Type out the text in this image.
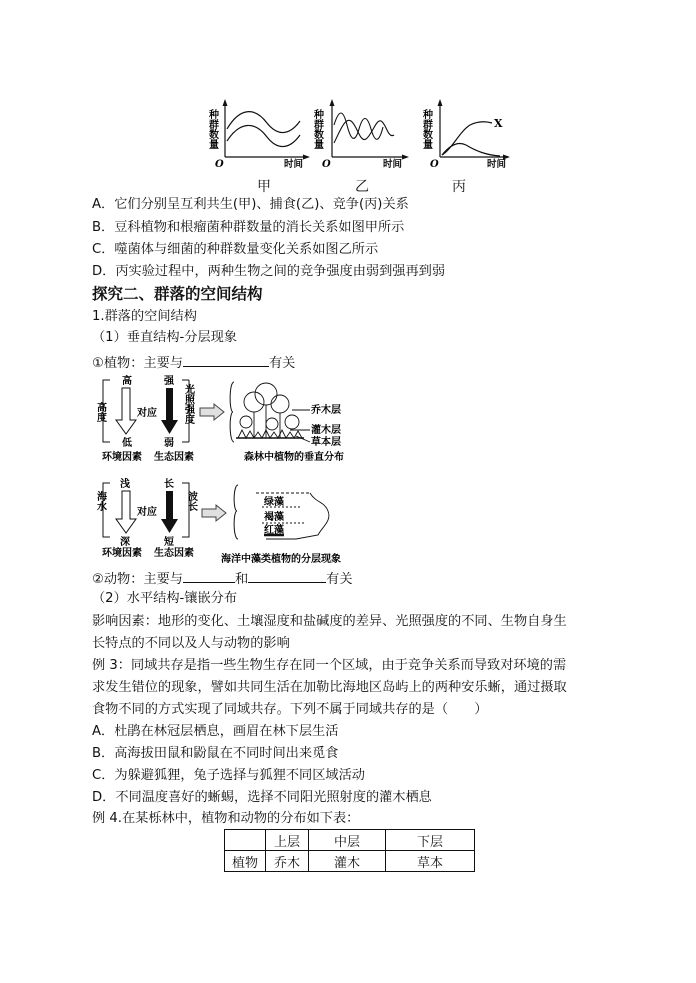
种群数量
O	时间
种群数量
O	时间
种群数量
O	时间
X
甲	乙	丙
A．它们分别呈互利共生(甲)、捕食(乙)、竞争(丙)关系
B．豆科植物和根瘤菌种群数量的消长关系如图甲所示
C．噬菌体与细菌的种群数量变化关系如图乙所示
D．丙实验过程中，两种生物之间的竞争强度由弱到强再到弱
探究二、群落的空间结构
1.群落的空间结构
（1）垂直结构-分层现象
①植物：主要与	有关
高度
高
低
对应
强
弱
光照强度	乔木层
灌木层
草本层
环境因素 生态因素	森林中植物的垂直分布
海水
浅
深
对应
长
短
波长	绿藻
褐藻
红藻
环境因素 生态因素
海洋中藻类植物的分层现象
②动物：主要与	和	有关
（2）水平结构-镶嵌分布
影响因素：地形的变化、土壤湿度和盐碱度的差异、光照强度的不同、生物自身生
长特点的不同以及人与动物的影响
例 3：同域共存是指一些生物生存在同一个区域，由于竞争关系而导致对环境的需
求发生错位的现象，譬如共同生活在加勒比海地区岛屿上的两种安乐蜥，通过摄取
食物不同的方式实现了同域共存。下列不属于同域共存的是（　　）
A．杜鹃在林冠层栖息，画眉在林下层生活
B．高海拔田鼠和鼢鼠在不同时间出来觅食
C．为躲避狐狸，兔子选择与狐狸不同区域活动
D．不同温度喜好的蜥蜴，选择不同阳光照射度的灌木栖息
例 4.在某栎林中，植物和动物的分布如下表：
	上层	中层	下层
植物	乔木	灌木	草本
